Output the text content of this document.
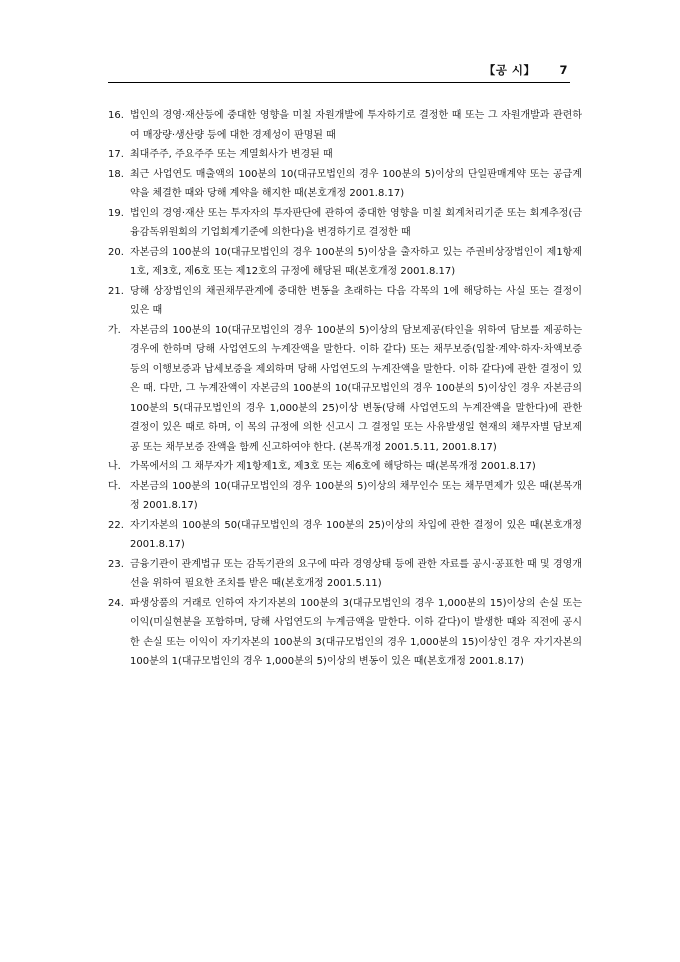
【공 시】 7
16. 법인의 경영·재산등에 중대한 영향을 미칠 자원개발에 투자하기로 결정한 때 또는 그 자원개발과 관련하여 매장량·생산량 등에 대한 경제성이 판명된 때
17. 최대주주, 주요주주 또는 계열회사가 변경된 때
18. 최근 사업연도 매출액의 100분의 10(대규모법인의 경우 100분의 5)이상의 단일판매계약 또는 공급계약을 체결한 때와 당해 계약을 해지한 때(본호개정 2001.8.17)
19. 법인의 경영·재산 또는 투자자의 투자판단에 관하여 중대한 영향을 미칠 회계처리기준 또는 회계추정(금융감독위원회의 기업회계기준에 의한다)을 변경하기로 결정한 때
20. 자본금의 100분의 10(대규모법인의 경우 100분의 5)이상을 출자하고 있는 주권비상장법인이 제1항제1호, 제3호, 제6호 또는 제12호의 규정에 해당된 때(본호개정 2001.8.17)
21. 당해 상장법인의 채권채무관계에 중대한 변동을 초래하는 다음 각목의 1에 해당하는 사실 또는 결정이 있은 때
가. 자본금의 100분의 10(대규모법인의 경우 100분의 5)이상의 담보제공(타인을 위하여 담보를 제공하는 경우에 한하며 당해 사업연도의 누계잔액을 말한다. 이하 같다) 또는 채무보증(입찰·계약·하자·차액보증 등의 이행보증과 납세보증을 제외하며 당해 사업연도의 누계잔액을 말한다. 이하 같다)에 관한 결정이 있은 때. 다만, 그 누계잔액이 자본금의 100분의 10(대규모법인의 경우 100분의 5)이상인 경우 자본금의 100분의 5(대규모법인의 경우 1,000분의 25)이상 변동(당해 사업연도의 누계잔액을 말한다)에 관한 결정이 있은 때로 하며, 이 목의 규정에 의한 신고시 그 결정일 또는 사유발생일 현재의 채무자별 담보제공 또는 채무보증 잔액을 함께 신고하여야 한다. (본목개정 2001.5.11, 2001.8.17)
나. 가목에서의 그 채무자가 제1항제1호, 제3호 또는 제6호에 해당하는 때(본목개정 2001.8.17)
다. 자본금의 100분의 10(대규모법인의 경우 100분의 5)이상의 채무인수 또는 채무면제가 있은 때(본목개정 2001.8.17)
22. 자기자본의 100분의 50(대규모법인의 경우 100분의 25)이상의 차입에 관한 결정이 있은 때(본호개정 2001.8.17)
23. 금융기관이 관계법규 또는 감독기관의 요구에 따라 경영상태 등에 관한 자료를 공시·공표한 때 및 경영개선을 위하여 필요한 조치를 받은 때(본호개정 2001.5.11)
24. 파생상품의 거래로 인하여 자기자본의 100분의 3(대규모법인의 경우 1,000분의 15)이상의 손실 또는 이익(미실현분을 포함하며, 당해 사업연도의 누계금액을 말한다. 이하 같다)이 발생한 때와 직전에 공시한 손실 또는 이익이 자기자본의 100분의 3(대규모법인의 경우 1,000분의 15)이상인 경우 자기자본의 100분의 1(대규모법인의 경우 1,000분의 5)이상의 변동이 있은 때(본호개정 2001.8.17)
